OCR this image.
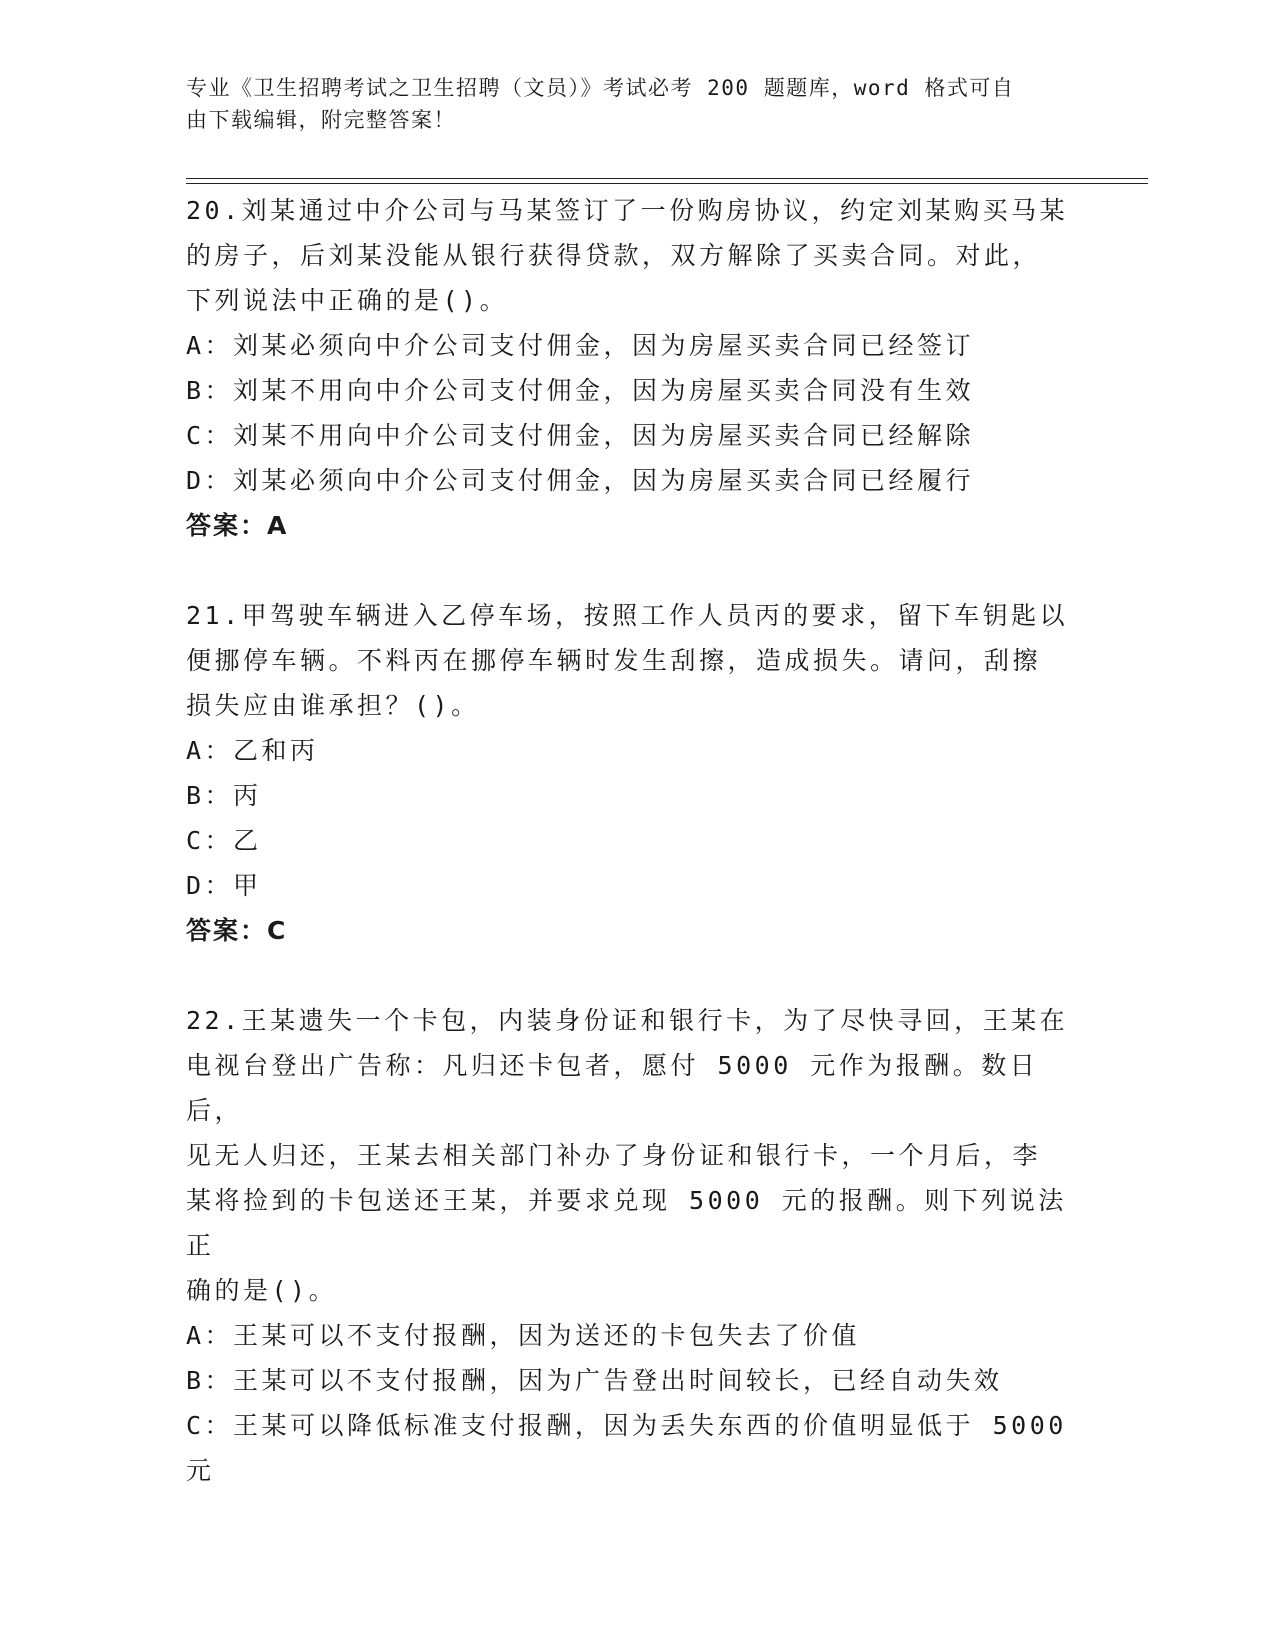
专业《卫生招聘考试之卫生招聘（文员）》考试必考 200 题题库，word 格式可自
由下载编辑，附完整答案！
20.刘某通过中介公司与马某签订了一份购房协议，约定刘某购买马某
的房子，后刘某没能从银行获得贷款，双方解除了买卖合同。对此，
下列说法中正确的是()。
A：刘某必须向中介公司支付佣金，因为房屋买卖合同已经签订
B：刘某不用向中介公司支付佣金，因为房屋买卖合同没有生效
C：刘某不用向中介公司支付佣金，因为房屋买卖合同已经解除
D：刘某必须向中介公司支付佣金，因为房屋买卖合同已经履行
答案：A
21.甲驾驶车辆进入乙停车场，按照工作人员丙的要求，留下车钥匙以
便挪停车辆。不料丙在挪停车辆时发生刮擦，造成损失。请问，刮擦
损失应由谁承担？()。
A：乙和丙
B：丙
C：乙
D：甲
答案：C
22.王某遗失一个卡包，内装身份证和银行卡，为了尽快寻回，王某在
电视台登出广告称：凡归还卡包者，愿付 5000 元作为报酬。数日后，
见无人归还，王某去相关部门补办了身份证和银行卡，一个月后，李
某将捡到的卡包送还王某，并要求兑现 5000 元的报酬。则下列说法正
确的是()。
A：王某可以不支付报酬，因为送还的卡包失去了价值
B：王某可以不支付报酬，因为广告登出时间较长，已经自动失效
C：王某可以降低标准支付报酬，因为丢失东西的价值明显低于 5000
元
